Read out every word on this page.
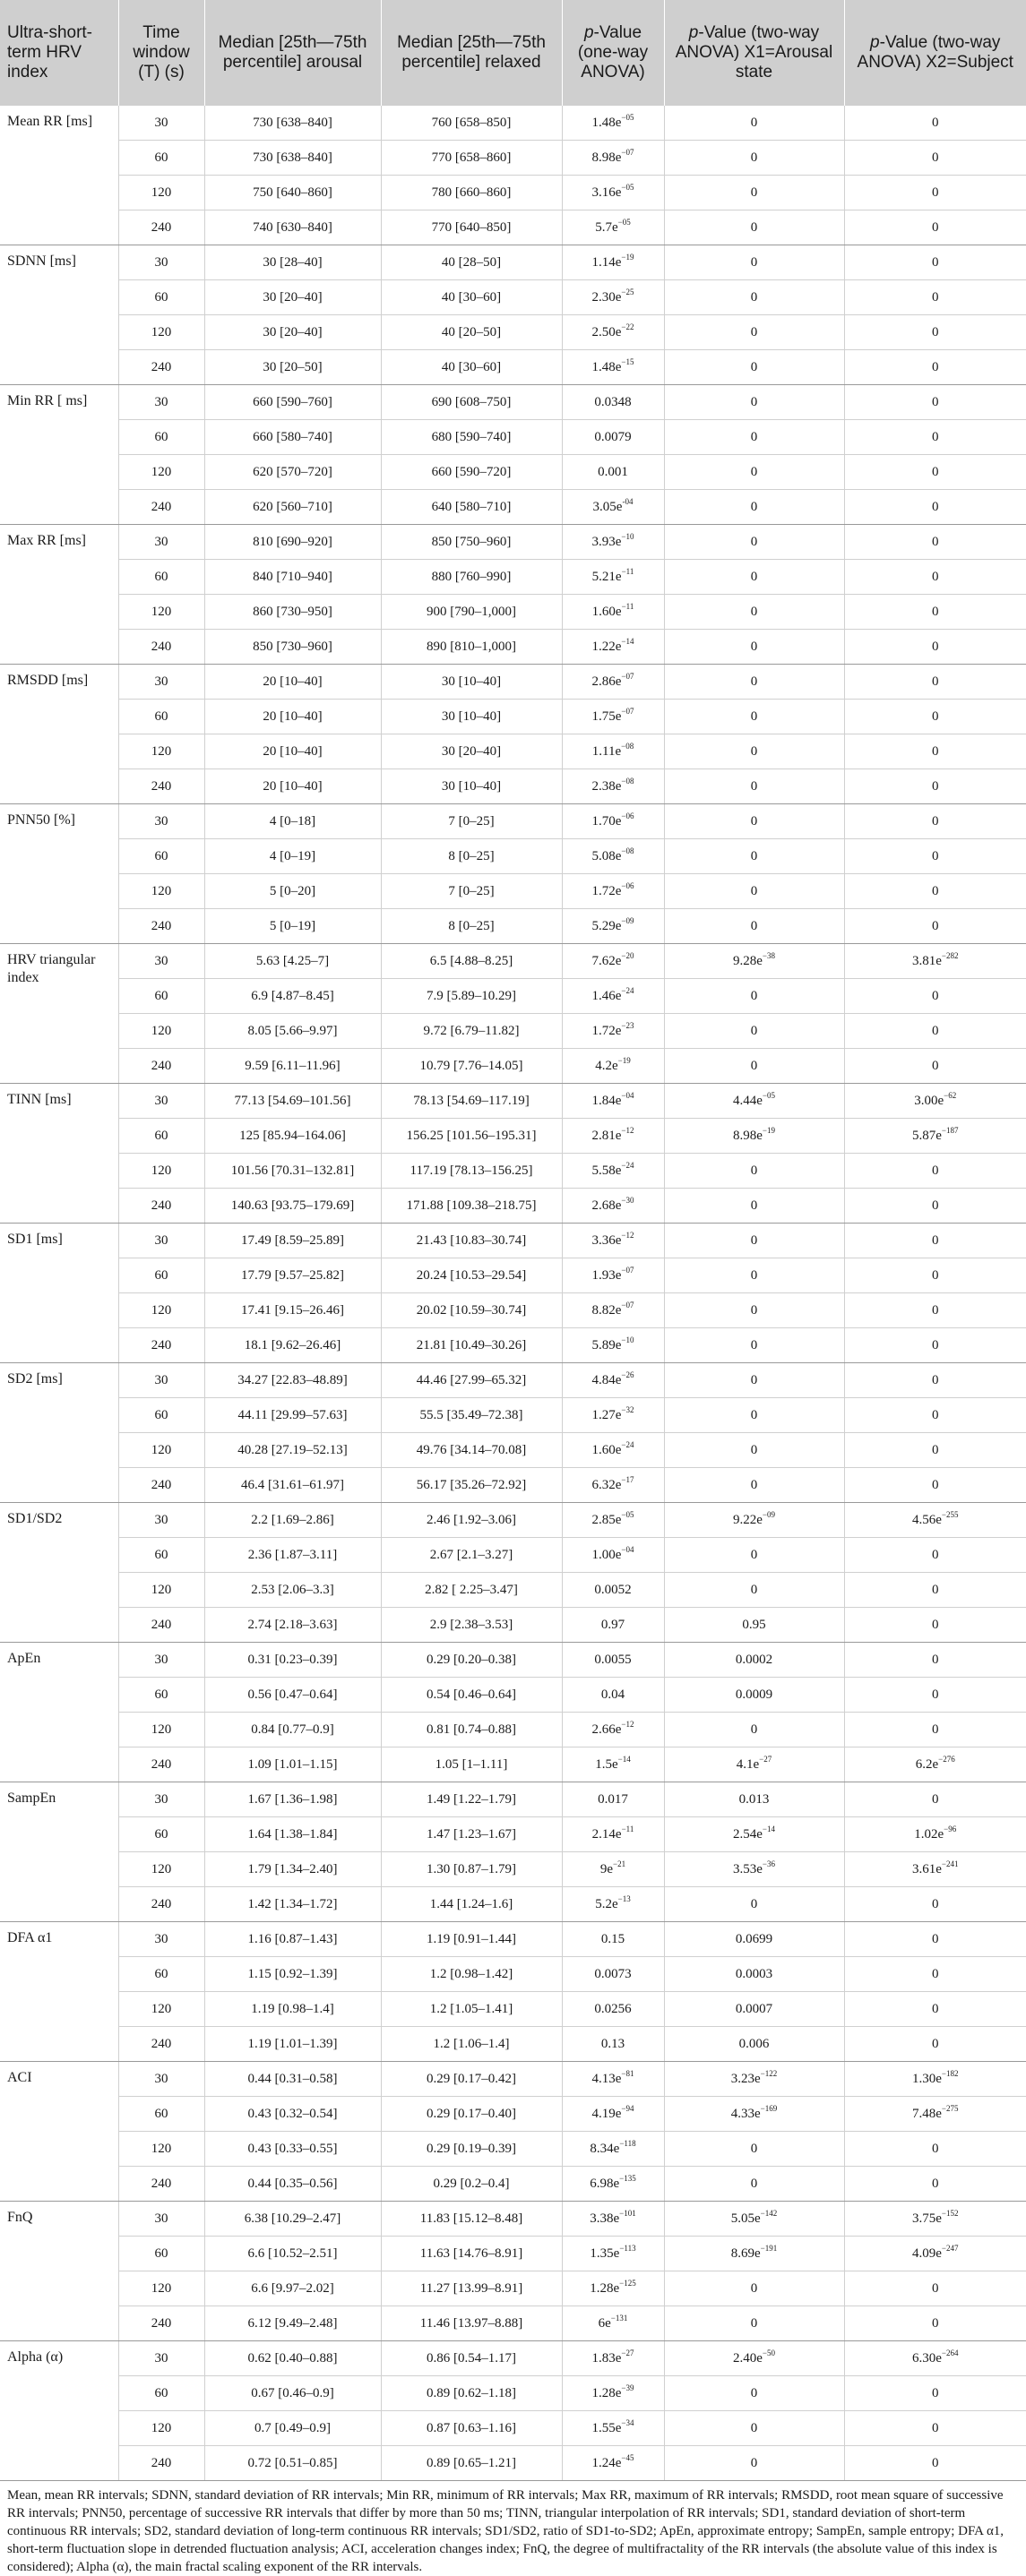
Ultra-short-term HRV index	Time window (T) (s)	Median [25th—75th percentile] arousal	Median [25th—75th percentile] relaxed	p-Value (one-way ANOVA)	p-Value (two-way ANOVA) X1=Arousal state	p-Value (two-way ANOVA) X2=Subject
Mean RR [ms]	30	730 [638–840]	760 [658–850]	$1.48e^{-05}$	0	0
	60	730 [638–840]	770 [658–860]	$8.98e^{-07}$	0	0
	120	750 [640–860]	780 [660–860]	$3.16e^{-05}$	0	0
	240	740 [630–840]	770 [640–850]	$5.7e^{-05}$	0	0
SDNN [ms]	30	30 [28–40]	40 [28–50]	$1.14e^{-19}$	0	0
	60	30 [20–40]	40 [30–60]	$2.30e^{-25}$	0	0
	120	30 [20–40]	40 [20–50]	$2.50e^{-22}$	0	0
	240	30 [20–50]	40 [30–60]	$1.48e^{-15}$	0	0
Min RR [ ms]	30	660 [590–760]	690 [608–750]	0.0348	0	0
	60	660 [580–740]	680 [590–740]	0.0079	0	0
	120	620 [570–720]	660 [590–720]	0.001	0	0
	240	620 [560–710]	640 [580–710]	$3.05e^{-04}$	0	0
Max RR [ms]	30	810 [690–920]	850 [750–960]	$3.93e^{-10}$	0	0
	60	840 [710–940]	880 [760–990]	$5.21e^{-11}$	0	0
	120	860 [730–950]	900 [790–1,000]	$1.60e^{-11}$	0	0
	240	850 [730–960]	890 [810–1,000]	$1.22e^{-14}$	0	0
RMSDD [ms]	30	20 [10–40]	30 [10–40]	$2.86e^{-07}$	0	0
	60	20 [10–40]	30 [10–40]	$1.75e^{-07}$	0	0
	120	20 [10–40]	30 [20–40]	$1.11e^{-08}$	0	0
	240	20 [10–40]	30 [10–40]	$2.38e^{-08}$	0	0
PNN50 [%]	30	4 [0–18]	7 [0–25]	$1.70e^{-06}$	0	0
	60	4 [0–19]	8 [0–25]	$5.08e^{-08}$	0	0
	120	5 [0–20]	7 [0–25]	$1.72e^{-06}$	0	0
	240	5 [0–19]	8 [0–25]	$5.29e^{-09}$	0	0
HRV triangular index	30	5.63 [4.25–7]	6.5 [4.88–8.25]	$7.62e^{-20}$	$9.28e^{-38}$	$3.81e^{-282}$
	60	6.9 [4.87–8.45]	7.9 [5.89–10.29]	$1.46e^{-24}$	0	0
	120	8.05 [5.66–9.97]	9.72 [6.79–11.82]	$1.72e^{-23}$	0	0
	240	9.59 [6.11–11.96]	10.79 [7.76–14.05]	$4.2e^{-19}$	0	0
TINN [ms]	30	77.13 [54.69–101.56]	78.13 [54.69–117.19]	$1.84e^{-04}$	$4.44e^{-05}$	$3.00e^{-62}$
	60	125 [85.94–164.06]	156.25 [101.56–195.31]	$2.81e^{-12}$	$8.98e^{-19}$	$5.87e^{-187}$
	120	101.56 [70.31–132.81]	117.19 [78.13–156.25]	$5.58e^{-24}$	0	0
	240	140.63 [93.75–179.69]	171.88 [109.38–218.75]	$2.68e^{-30}$	0	0
SD1 [ms]	30	17.49 [8.59–25.89]	21.43 [10.83–30.74]	$3.36e^{-12}$	0	0
	60	17.79 [9.57–25.82]	20.24 [10.53–29.54]	$1.93e^{-07}$	0	0
	120	17.41 [9.15–26.46]	20.02 [10.59–30.74]	$8.82e^{-07}$	0	0
	240	18.1 [9.62–26.46]	21.81 [10.49–30.26]	$5.89e^{-10}$	0	0
SD2 [ms]	30	34.27 [22.83–48.89]	44.46 [27.99–65.32]	$4.84e^{-26}$	0	0
	60	44.11 [29.99–57.63]	55.5 [35.49–72.38]	$1.27e^{-32}$	0	0
	120	40.28 [27.19–52.13]	49.76 [34.14–70.08]	$1.60e^{-24}$	0	0
	240	46.4 [31.61–61.97]	56.17 [35.26–72.92]	$6.32e^{-17}$	0	0
SD1/SD2	30	2.2 [1.69–2.86]	2.46 [1.92–3.06]	$2.85e^{-05}$	$9.22e^{-09}$	$4.56e^{-255}$
	60	2.36 [1.87–3.11]	2.67 [2.1–3.27]	$1.00e^{-04}$	0	0
	120	2.53 [2.06–3.3]	2.82 [ 2.25–3.47]	0.0052	0	0
	240	2.74 [2.18–3.63]	2.9 [2.38–3.53]	0.97	0.95	0
ApEn	30	0.31 [0.23–0.39]	0.29 [0.20–0.38]	0.0055	0.0002	0
	60	0.56 [0.47–0.64]	0.54 [0.46–0.64]	0.04	0.0009	0
	120	0.84 [0.77–0.9]	0.81 [0.74–0.88]	$2.66e^{-12}$	0	0
	240	1.09 [1.01–1.15]	1.05 [1–1.11]	$1.5e^{-14}$	$4.1e^{-27}$	$6.2e^{-276}$
SampEn	30	1.67 [1.36–1.98]	1.49 [1.22–1.79]	0.017	0.013	0
	60	1.64 [1.38–1.84]	1.47 [1.23–1.67]	$2.14e^{-11}$	$2.54e^{-14}$	$1.02e^{-96}$
	120	1.79 [1.34–2.40]	1.30 [0.87–1.79]	$9e^{-21}$	$3.53e^{-36}$	$3.61e^{-241}$
	240	1.42 [1.34–1.72]	1.44 [1.24–1.6]	$5.2e^{-13}$	0	0
DFA α1	30	1.16 [0.87–1.43]	1.19 [0.91–1.44]	0.15	0.0699	0
	60	1.15 [0.92–1.39]	1.2 [0.98–1.42]	0.0073	0.0003	0
	120	1.19 [0.98–1.4]	1.2 [1.05–1.41]	0.0256	0.0007	0
	240	1.19 [1.01–1.39]	1.2 [1.06–1.4]	0.13	0.006	0
ACI	30	0.44 [0.31–0.58]	0.29 [0.17–0.42]	$4.13e^{-81}$	$3.23e^{-122}$	$1.30e^{-182}$
	60	0.43 [0.32–0.54]	0.29 [0.17–0.40]	$4.19e^{-94}$	$4.33e^{-169}$	$7.48e^{-275}$
	120	0.43 [0.33–0.55]	0.29 [0.19–0.39]	$8.34e^{-118}$	0	0
	240	0.44 [0.35–0.56]	0.29 [0.2–0.4]	$6.98e^{-135}$	0	0
FnQ	30	6.38 [10.29–2.47]	11.83 [15.12–8.48]	$3.38e^{-101}$	$5.05e^{-142}$	$3.75e^{-152}$
	60	6.6 [10.52–2.51]	11.63 [14.76–8.91]	$1.35e^{-113}$	$8.69e^{-191}$	$4.09e^{-247}$
	120	6.6 [9.97–2.02]	11.27 [13.99–8.91]	$1.28e^{-125}$	0	0
	240	6.12 [9.49–2.48]	11.46 [13.97–8.88]	$6e^{-131}$	0	0
Alpha (α)	30	0.62 [0.40–0.88]	0.86 [0.54–1.17]	$1.83e^{-27}$	$2.40e^{-50}$	$6.30e^{-264}$
	60	0.67 [0.46–0.9]	0.89 [0.62–1.18]	$1.28e^{-39}$	0	0
	120	0.7 [0.49–0.9]	0.87 [0.63–1.16]	$1.55e^{-34}$	0	0
	240	0.72 [0.51–0.85]	0.89 [0.65–1.21]	$1.24e^{-45}$	0	0
Mean, mean RR intervals; SDNN, standard deviation of RR intervals; Min RR, minimum of RR intervals; Max RR, maximum of RR intervals; RMSDD, root mean square of successive RR intervals; PNN50, percentage of successive RR intervals that differ by more than 50 ms; TINN, triangular interpolation of RR intervals; SD1, standard deviation of short-term continuous RR intervals; SD2, standard deviation of long-term continuous RR intervals; SD1/SD2, ratio of SD1-to-SD2; ApEn, approximate entropy; SampEn, sample entropy; DFA α1, short-term fluctuation slope in detrended fluctuation analysis; ACI, acceleration changes index; FnQ, the degree of multifractality of the RR intervals (the absolute value of this index is considered); Alpha (α), the main fractal scaling exponent of the RR intervals.
